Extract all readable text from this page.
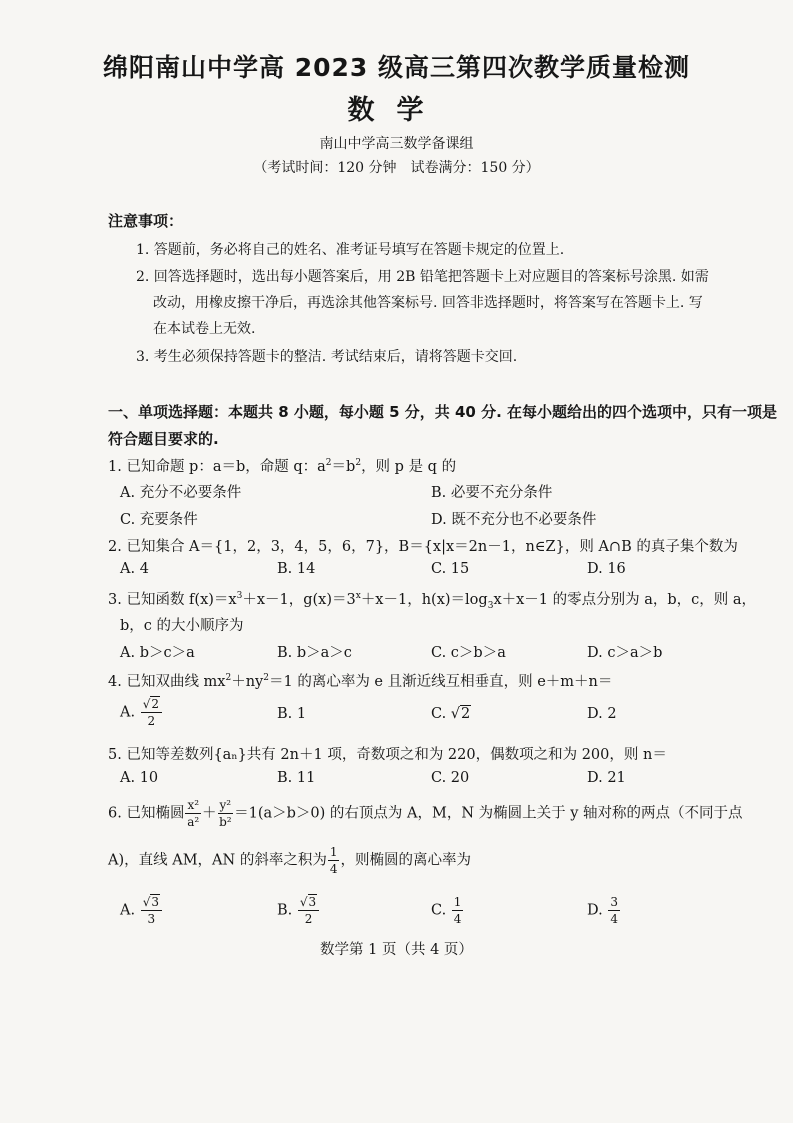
绵阳南山中学高 2023 级高三第四次教学质量检测
数学
南山中学高三数学备课组
（考试时间：120 分钟　试卷满分：150 分）
注意事项：
1. 答题前，务必将自己的姓名、准考证号填写在答题卡规定的位置上.
2. 回答选择题时，选出每小题答案后，用 2B 铅笔把答题卡上对应题目的答案标号涂黑. 如需
改动，用橡皮擦干净后，再选涂其他答案标号. 回答非选择题时，将答案写在答题卡上. 写
在本试卷上无效.
3. 考生必须保持答题卡的整洁. 考试结束后，请将答题卡交回.
一、单项选择题：本题共 8 小题，每小题 5 分，共 40 分. 在每小题给出的四个选项中，只有一项是
符合题目要求的.
1. 已知命题 p：a＝b，命题 q：$a^2=b^2$，则 p 是 q 的
A. 充分不必要条件	B. 必要不充分条件
C. 充要条件	D. 既不充分也不必要条件
2. 已知集合 A＝{1，2，3，4，5，6，7}，B＝{x|x＝2n－1，n∈Z}，则 A∩B 的真子集个数为
A. 4	B. 14	C. 15	D. 16
3. 已知函数 $f(x)=x^3+x-1$，$g(x)=3^x+x-1$，$h(x)=\log_3x+x-1$ 的零点分别为 a，b，c，则 a，
b，c 的大小顺序为
A. b＞c＞a	B. b＞a＞c	C. c＞b＞a	D. c＞a＞b
4. 已知双曲线 $mx^2+ny^2=1$ 的离心率为 e 且渐近线互相垂直，则 e＋m＋n＝
A. $\frac{√2}{2}$	B. 1	C. √2	D. 2
5. 已知等差数列{aₙ}共有 2n＋1 项，奇数项之和为 220，偶数项之和为 200，则 n＝
A. 10	B. 11	C. 20	D. 21
6. 已知椭圆 $\frac{\text{x²}}{\text{a²}} + \frac{\text{y²}}{\text{b²}} =1(a>b>0)$ 的右顶点为 A，M，N 为椭圆上关于 y 轴对称的两点（不同于点
A)，直线 AM，AN 的斜率之积为 $\frac{1}{4}$ ，则椭圆的离心率为
A. $\frac{√3}{3}$	B. $\frac{√3}{2}$	C. $\frac{1}{4}$	D. $\frac{3}{4}$
数学第 1 页（共 4 页）
